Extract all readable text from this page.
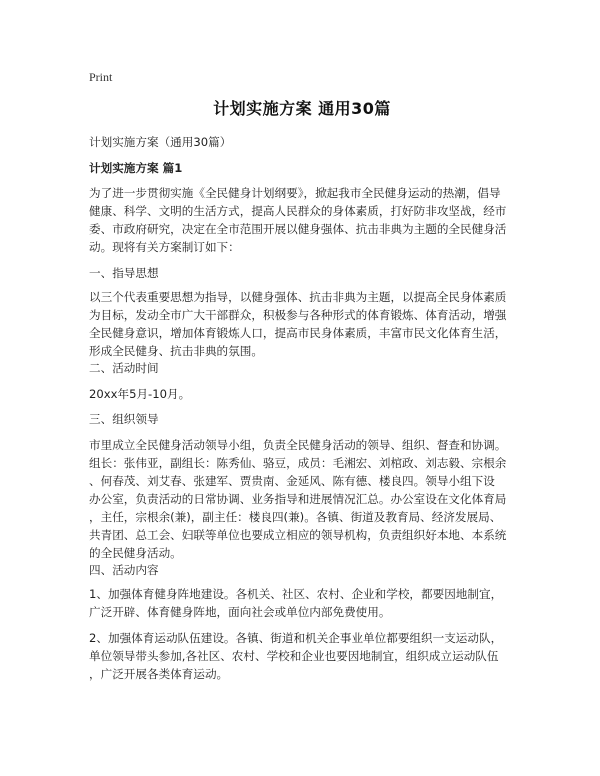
Print
计划实施方案 通用30篇

计划实施方案（通用30篇）

计划实施方案 篇1

为了进一步贯彻实施《全民健身计划纲要》，掀起我市全民健身运动的热潮，倡导
健康、科学、文明的生活方式，提高人民群众的身体素质，打好防非攻坚战，经市
委、市政府研究，决定在全市范围开展以健身强体、抗击非典为主题的全民健身活
动。现将有关方案制订如下：

一、指导思想

以三个代表重要思想为指导，以健身强体、抗击非典为主题，以提高全民身体素质
为目标，发动全市广大干部群众，积极参与各种形式的体育锻炼、体育活动，增强
全民健身意识，增加体育锻炼人口，提高市民身体素质，丰富市民文化体育生活，
形成全民健身、抗击非典的氛围。

二、活动时间

20xx年5月-10月。

三、组织领导

市里成立全民健身活动领导小组，负责全民健身活动的领导、组织、督查和协调。
组长：张伟亚，副组长：陈秀仙、骆豆，成员：毛湘宏、刘棺政、刘志毅、宗根余
、何春茂、刘艾春、张建军、贾贵南、金延风、陈有德、楼良四。领导小组下设
办公室，负责活动的日常协调、业务指导和进展情况汇总。办公室设在文化体育局
，主任，宗根余(兼)，副主任：楼良四(兼)。各镇、街道及教育局、经济发展局、
共青团、总工会、妇联等单位也要成立相应的领导机构，负责组织好本地、本系统
的全民健身活动。

四、活动内容

1、加强体育健身阵地建设。各机关、社区、农村、企业和学校，都要因地制宜，
广泛开辟、体育健身阵地，面向社会或单位内部免费使用。

2、加强体育运动队伍建设。各镇、街道和机关企事业单位都要组织一支运动队，
单位领导带头参加,各社区、农村、学校和企业也要因地制宜，组织成立运动队伍
，广泛开展各类体育运动。
